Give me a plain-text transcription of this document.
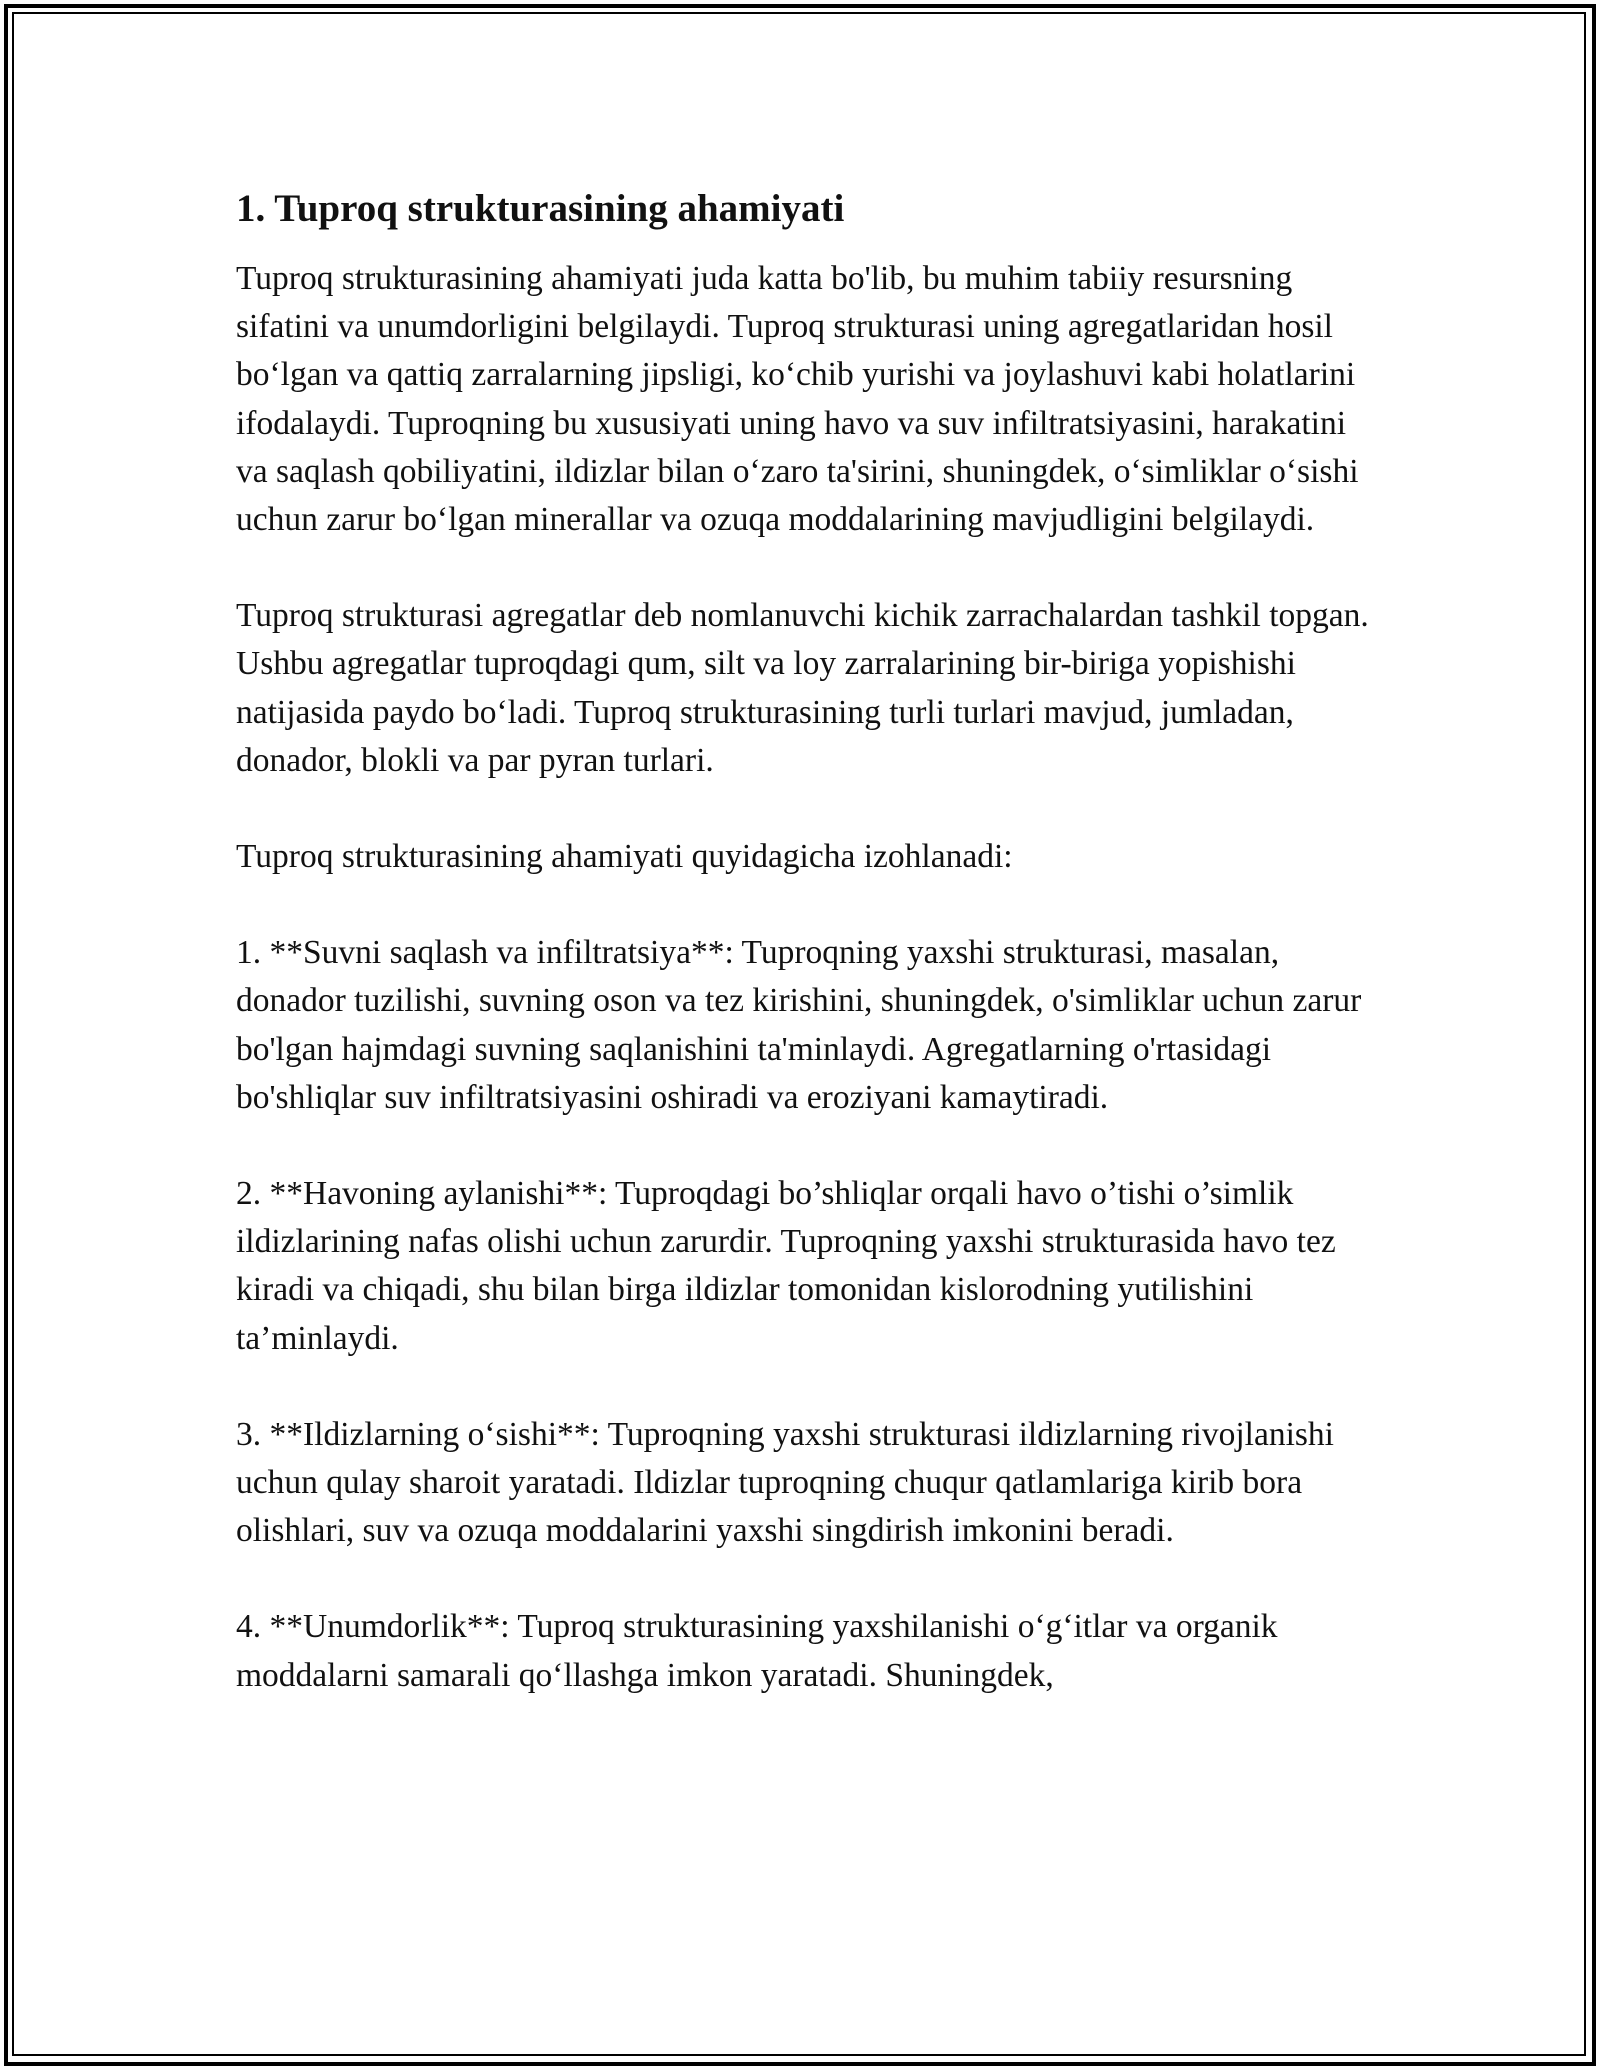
1. Tuproq strukturasining ahamiyati

Tuproq strukturasining ahamiyati juda katta bo'lib, bu muhim tabiiy resursning sifatini va unumdorligini belgilaydi. Tuproq strukturasi uning agregatlaridan hosil bo‘lgan va qattiq zarralarning jipsligi, ko‘chib yurishi va joylashuvi kabi holatlarini ifodalaydi. Tuproqning bu xususiyati uning havo va suv infiltratsiyasini, harakatini va saqlash qobiliyatini, ildizlar bilan o‘zaro ta'sirini, shuningdek, o‘simliklar o‘sishi uchun zarur bo‘lgan minerallar va ozuqa moddalarining mavjudligini belgilaydi.

Tuproq strukturasi agregatlar deb nomlanuvchi kichik zarrachalardan tashkil topgan. Ushbu agregatlar tuproqdagi qum, silt va loy zarralarining bir-biriga yopishishi natijasida paydo bo‘ladi. Tuproq strukturasining turli turlari mavjud, jumladan, donador, blokli va par pyran turlari.

Tuproq strukturasining ahamiyati quyidagicha izohlanadi:

1. **Suvni saqlash va infiltratsiya**: Tuproqning yaxshi strukturasi, masalan, donador tuzilishi, suvning oson va tez kirishini, shuningdek, o'simliklar uchun zarur bo'lgan hajmdagi suvning saqlanishini ta'minlaydi. Agregatlarning o'rtasidagi bo'shliqlar suv infiltratsiyasini oshiradi va eroziyani kamaytiradi.

2. **Havoning aylanishi**: Tuproqdagi bo’shliqlar orqali havo o’tishi o’simlik ildizlarining nafas olishi uchun zarurdir. Tuproqning yaxshi strukturasida havo tez kiradi va chiqadi, shu bilan birga ildizlar tomonidan kislorodning yutilishini ta’minlaydi.

3. **Ildizlarning o‘sishi**: Tuproqning yaxshi strukturasi ildizlarning rivojlanishi uchun qulay sharoit yaratadi. Ildizlar tuproqning chuqur qatlamlariga kirib bora olishlari, suv va ozuqa moddalarini yaxshi singdirish imkonini beradi.

4. **Unumdorlik**: Tuproq strukturasining yaxshilanishi o‘g‘itlar va organik moddalarni samarali qo‘llashga imkon yaratadi. Shuningdek,
